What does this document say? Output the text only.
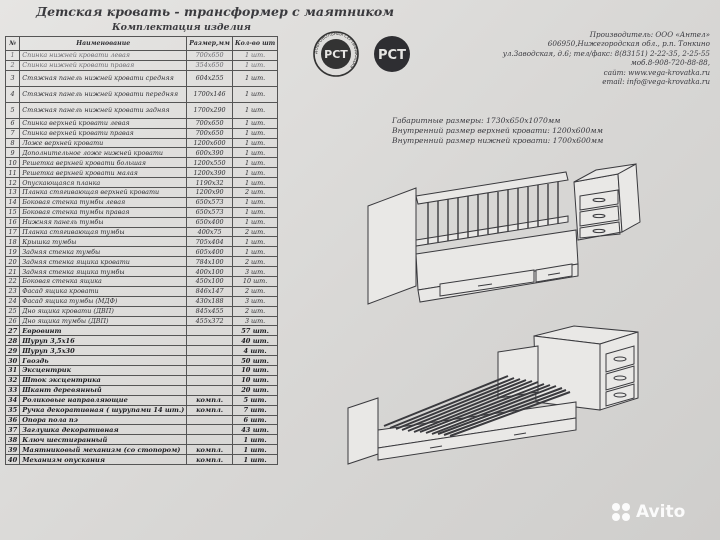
Детская кровать - трансформер с маятником
Комплектация изделия
№	Наименование	Размер,мм	Кол-во шт
1	Спинка нижней кровати левая	700х650	1 шт.
2	Спинка нижней кровати правая	354х650	1 шт.
3	Стяжная панель нижней кровати средняя	604х255	1 шт.
4	Стяжная панель нижней кровати передняя	1700х146	1 шт.
5	Стяжная панель нижней кровати задняя	1700х290	1 шт.
6	Спинка верхней кровати левая	700х650	1 шт.
7	Спинка верхней кровати правая	700х650	1 шт.
8	Ложе верхней кровати	1200х600	1 шт.
9	Дополнительное ложе нижней кровати	600х390	1 шт.
10	Решетка верхней кровати большая	1200х550	1 шт.
11	Решетка верхней кровати малая	1200х390	1 шт.
12	Опускающаяся планка	1190х32	1 шт.
13	Планка стягивающая верхней кровати	1200х90	2 шт.
14	Боковая стенка тумбы левая	650х573	1 шт.
15	Боковая стенка тумбы правая	650х573	1 шт.
16	Нижняя панель тумбы	650х400	1 шт.
17	Планка стягивающая тумбы	400х75	2 шт.
18	Крышка тумбы	705х404	1 шт.
19	Задняя стенка тумбы	605х400	1 шт.
20	Задняя стенка ящика кровати	784х100	2 шт.
21	Задняя стенка ящика тумбы	400х100	3 шт.
22	Боковая стенка ящика	450х100	10 шт.
23	Фасад ящика кровати	846х147	2 шт.
24	Фасад ящика тумбы (МДФ)	430х188	3 шт.
25	Дно ящика кровати (ДВП)	845х455	2 шт.
26	Дно ящика тумбы (ДВП)	455х372	3 шт.
27	Евровинт		57 шт.
28	Шуруп 3,5х16		40 шт.
29	Шуруп 3,5х30		4 шт.
30	Гвоздь		50 шт.
31	Эксцентрик		10 шт.
32	Шток эксцентрика		10 шт.
33	Шкант деревянный		20 шт.
34	Роликовые направляющие	компл.	5 шт.
35	Ручка декоративная ( шурупами 14 шт.)	компл.	7 шт.
36	Опора пола пэ		6 шт.
37	Заглушка декоративная		43 шт.
38	Ключ шестигранный		1 шт.
39	Маятниковый механизм (со стопором)	компл.	1 шт.
40	Механизм опускания	компл.	1 шт.
ДОБРОВОЛЬНАЯ СЕРТИФИКАЦИЯ
PCT PCT
Производитель: ООО «Антел»
606950,Нижегородская обл., р.п. Тонкино
ул.Заводская, д.6; тел/факс: 8(83151) 2-22-35, 2-25-55
моб.8-908-720-88-88,
сайт: www.vega-krovatka.ru
email: info@vega-krovatka.ru
Габаритные размеры: 1730х650х1070мм
Внутренний размер верхней кровати: 1200х600мм
Внутренний размер нижней кровати: 1700х600мм
Avito
